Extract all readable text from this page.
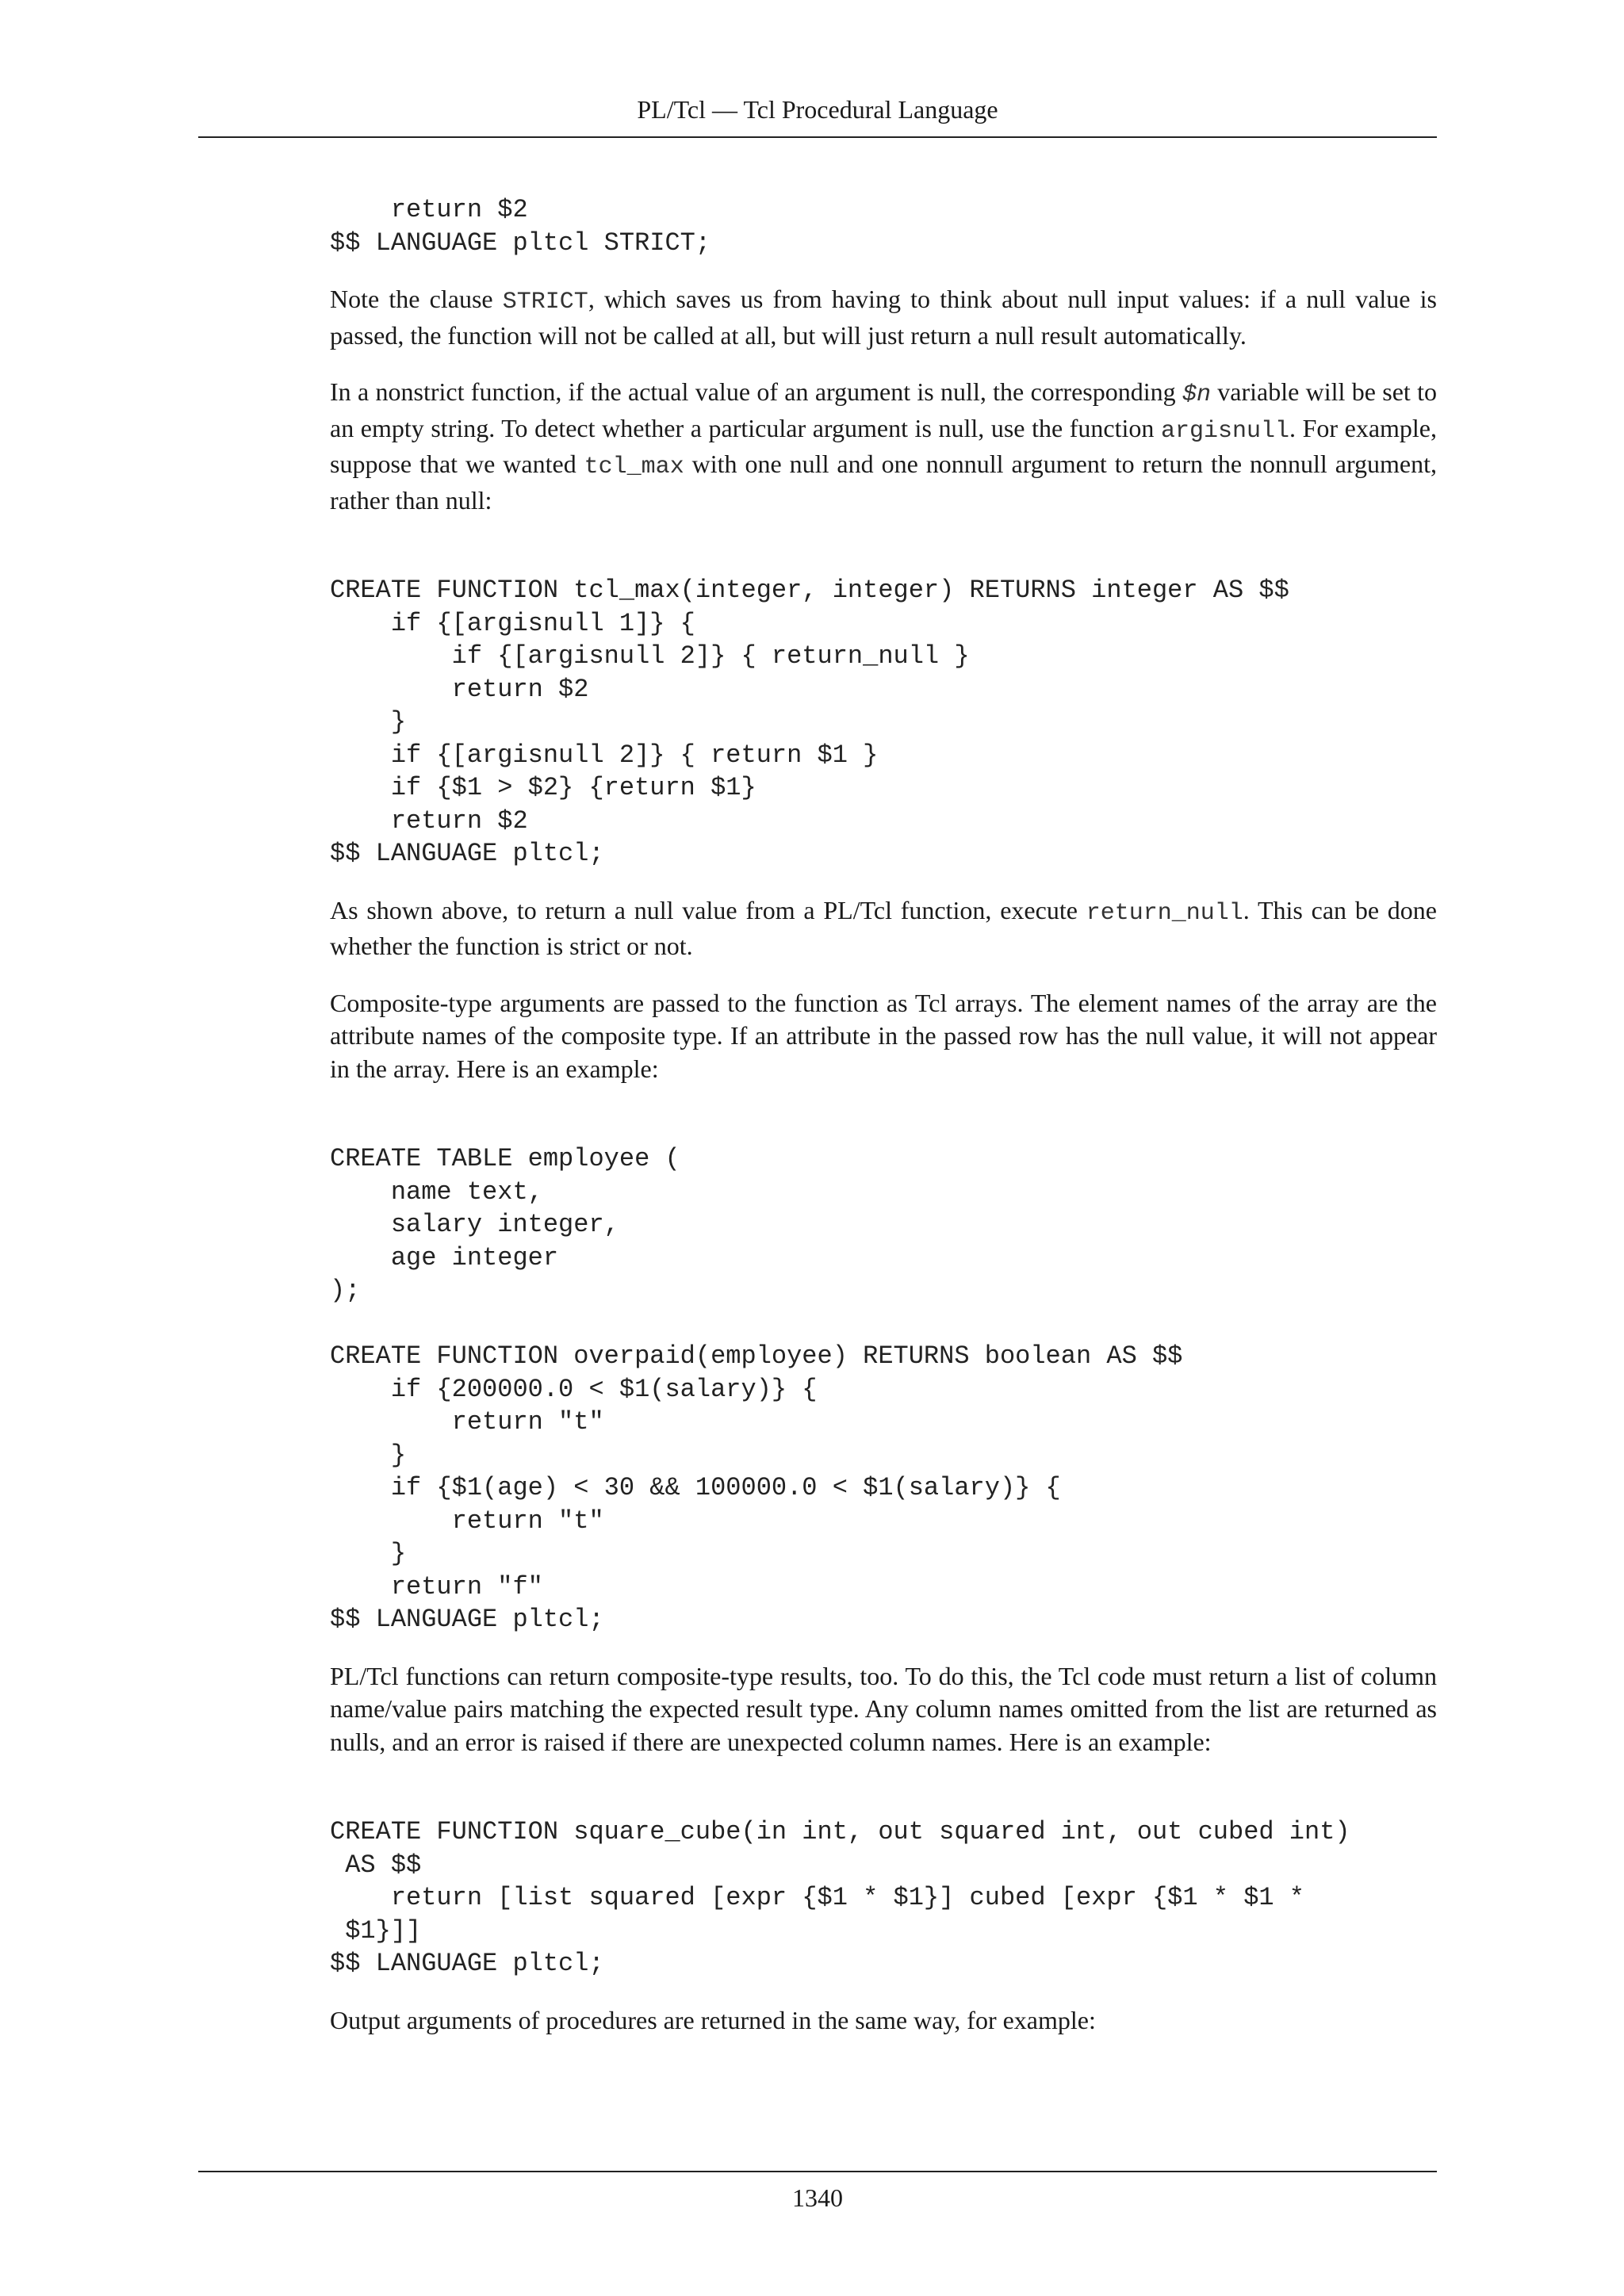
PL/Tcl — Tcl Procedural Language
return $2
$$ LANGUAGE pltcl STRICT;

Note the clause STRICT, which saves us from having to think about null input values: if a null value is passed, the function will not be called at all, but will just return a null result automatically.

In a nonstrict function, if the actual value of an argument is null, the corresponding $n variable will be set to an empty string. To detect whether a particular argument is null, use the function argisnull. For example, suppose that we wanted tcl_max with one null and one nonnull argument to return the nonnull argument, rather than null:

CREATE FUNCTION tcl_max(integer, integer) RETURNS integer AS $$
if {[argisnull 1]} {
if {[argisnull 2]} { return_null }
return $2
}
if {[argisnull 2]} { return $1 }
if {$1 > $2} {return $1}
return $2
$$ LANGUAGE pltcl;

As shown above, to return a null value from a PL/Tcl function, execute return_null. This can be done whether the function is strict or not.

Composite-type arguments are passed to the function as Tcl arrays. The element names of the array are the attribute names of the composite type. If an attribute in the passed row has the null value, it will not appear in the array. Here is an example:

CREATE TABLE employee (
name text,
salary integer,
age integer
);

CREATE FUNCTION overpaid(employee) RETURNS boolean AS $$
if {200000.0 < $1(salary)} {
return "t"
}
if {$1(age) < 30 && 100000.0 < $1(salary)} {
return "t"
}
return "f"
$$ LANGUAGE pltcl;

PL/Tcl functions can return composite-type results, too. To do this, the Tcl code must return a list of column name/value pairs matching the expected result type. Any column names omitted from the list are returned as nulls, and an error is raised if there are unexpected column names. Here is an example:

CREATE FUNCTION square_cube(in int, out squared int, out cubed int)
AS $$
return [list squared [expr {$1 * $1}] cubed [expr {$1 * $1 *
$1}]]
$$ LANGUAGE pltcl;

Output arguments of procedures are returned in the same way, for example:

1340
